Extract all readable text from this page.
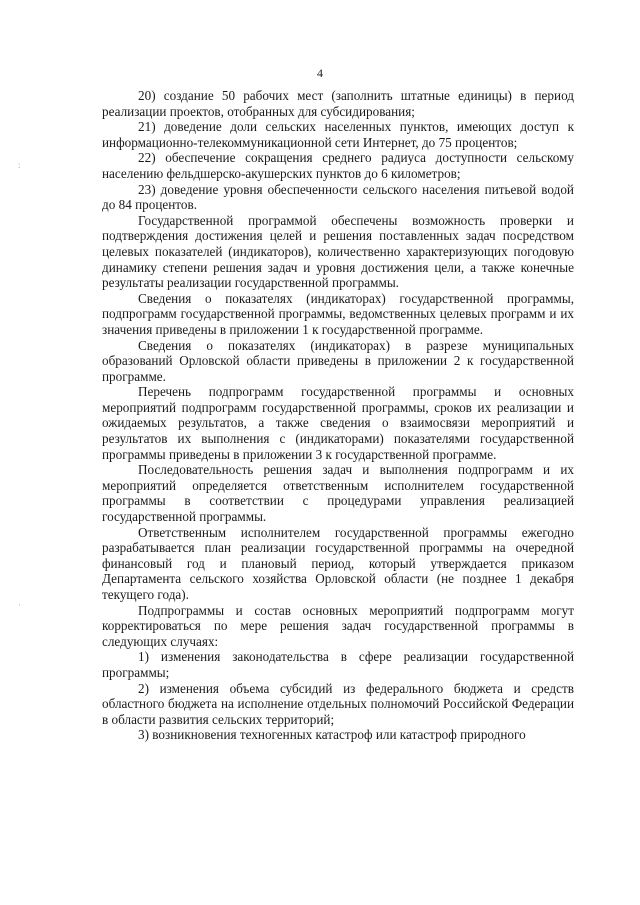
:
·
4

20) создание 50 рабочих мест (заполнить штатные единицы) в период реализации проектов, отобранных для субсидирования;

21) доведение доли сельских населенных пунктов, имеющих доступ к информационно-телекоммуникационной сети Интернет, до 75 процентов;

22) обеспечение сокращения среднего радиуса доступности сельскому населению фельдшерско-акушерских пунктов до 6 километров;

23) доведение уровня обеспеченности сельского населения питьевой водой до 84 процентов.

Государственной программой обеспечены возможность проверки и подтверждения достижения целей и решения поставленных задач посредством целевых показателей (индикаторов), количественно характеризующих погодовую динамику степени решения задач и уровня достижения цели, а также конечные результаты реализации государственной программы.

Сведения о показателях (индикаторах) государственной программы, подпрограмм государственной программы, ведомственных целевых программ и их значения приведены в приложении 1 к государственной программе.

Сведения о показателях (индикаторах) в разрезе муниципальных образований Орловской области приведены в приложении 2 к государственной программе.

Перечень подпрограмм государственной программы и основных мероприятий подпрограмм государственной программы, сроков их реализации и ожидаемых результатов, а также сведения о взаимосвязи мероприятий и результатов их выполнения с (индикаторами) показателями государственной программы приведены в приложении 3 к государственной программе.

Последовательность решения задач и выполнения подпрограмм и их мероприятий определяется ответственным исполнителем государственной программы в соответствии с процедурами управления реализацией государственной программы.

Ответственным исполнителем государственной программы ежегодно разрабатывается план реализации государственной программы на очередной финансовый год и плановый период, который утверждается приказом Департамента сельского хозяйства Орловской области (не позднее 1 декабря текущего года).

Подпрограммы и состав основных мероприятий подпрограмм могут корректироваться по мере решения задач государственной программы в следующих случаях:

1) изменения законодательства в сфере реализации государственной программы;

2) изменения объема субсидий из федерального бюджета и средств областного бюджета на исполнение отдельных полномочий Российской Федерации в области развития сельских территорий;

3) возникновения техногенных катастроф или катастроф природного
